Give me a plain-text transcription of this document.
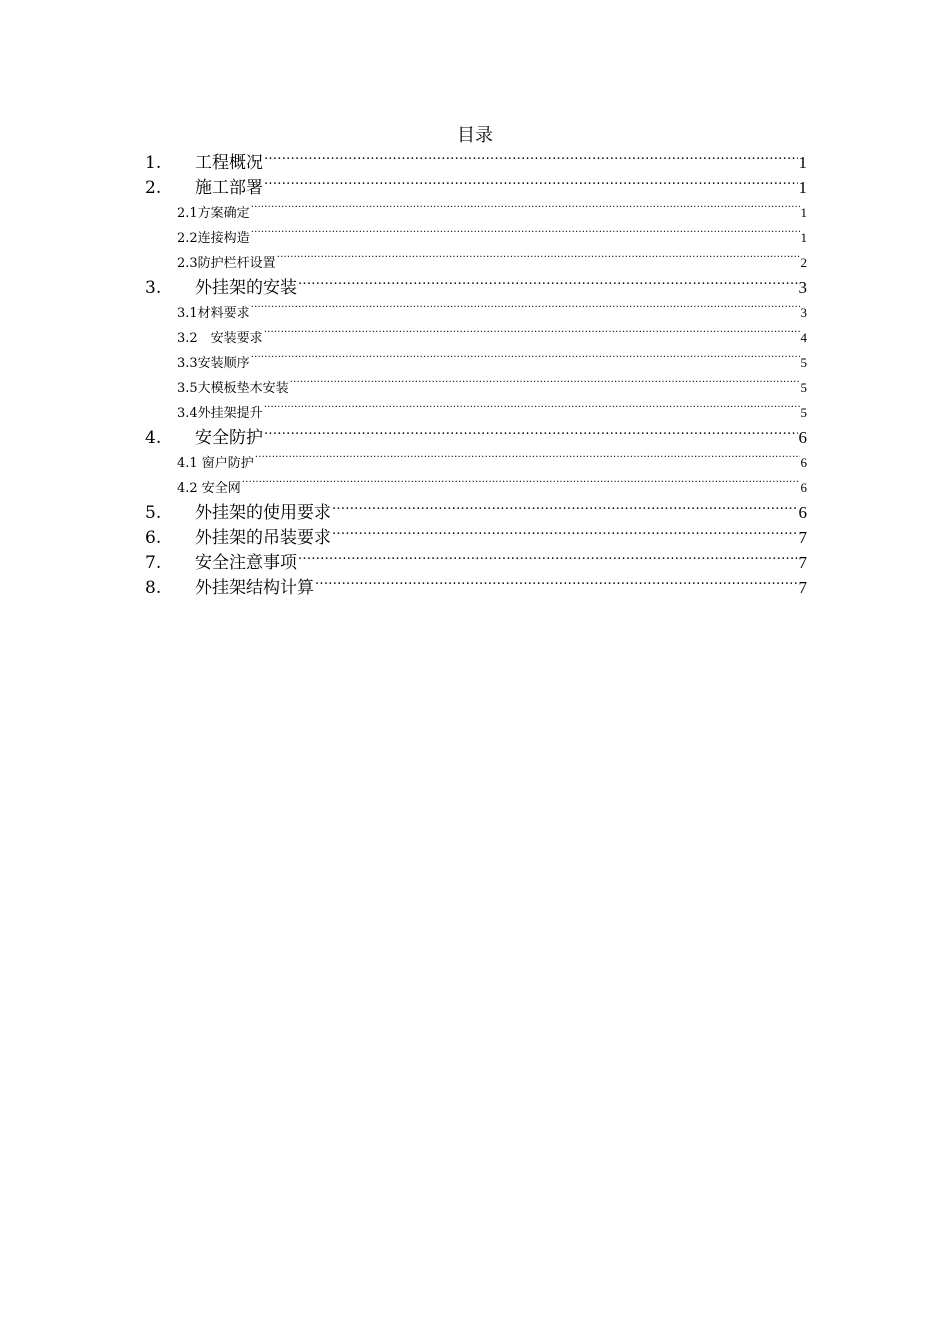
目录
1.	工程概况 .....	1
2.	施工部署 .....	1
2.1方案确定 .....	1
2.2连接构造 .....	1
2.3防护栏杆设置 .....	2
3.	外挂架的安装 .....	3
3.1材料要求 .....	3
3.2　安装要求 .....	4
3.3安装顺序 .....	5
3.5大模板垫木安装 .....	5
3.4外挂架提升 .....	5
4.	安全防护 .....	6
4.1 窗户防护 .....	6
4.2 安全网 .....	6
5.	外挂架的使用要求 .....	6
6.	外挂架的吊装要求 .....	7
7.	安全注意事项 .....	7
8.	外挂架结构计算 .....	7
